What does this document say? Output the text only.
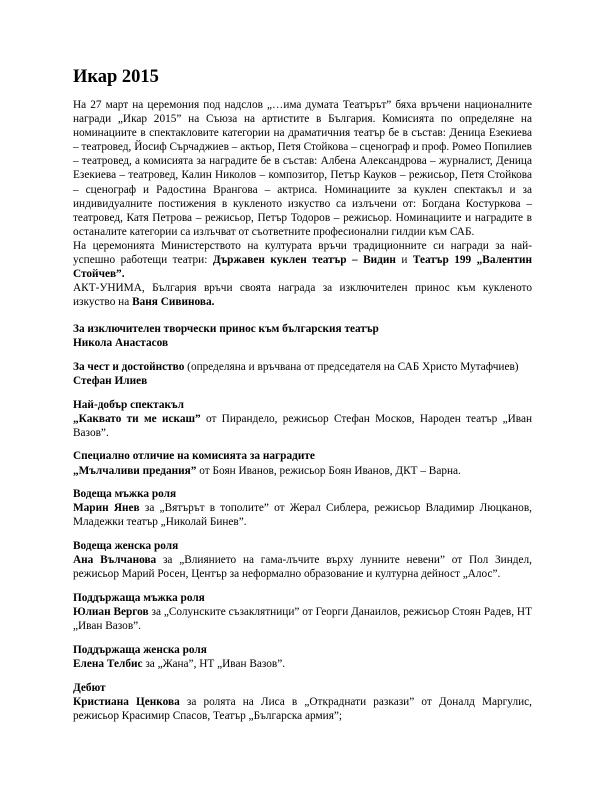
Икар 2015

На 27 март на церемония под надслов „…има думата Театърът” бяха връчени националните награди „Икар 2015” на Съюза на артистите в България. Комисията по определяне на номинациите в спектакловите категории на драматичния театър бе в състав: Деница Езекиева – театровед, Йосиф Сърчаджиев – актьор, Петя Стойкова – сценограф и проф. Ромео Попилиев – театровед, а комисията за наградите бе в състав: Албена Александрова – журналист, Деница Езекиева – театровед, Калин Николов – композитор, Петър Кауков – режисьор, Петя Стойкова – сценограф и Радостина Врангова – актриса. Номинациите за куклен спектакъл и за индивидуалните постижения в кукленото изкуство са излъчени от: Богдана Костуркова – театровед, Катя Петрова – режисьор, Петър Тодоров – режисьор. Номинациите и наградите в останалите категории са излъчват от съответните професионални гилдии към САБ.

На церемонията Министерството на културата връчи традиционните си награди за най-успешно работещи театри: Държавен куклен театър – Видин и Театър 199 „Валентин Стойчев”.

АКТ-УНИМА, България връчи своята награда за изключителен принос към кукленото изкуство на Ваня Сивинова.

За изключителен творчески принос към българския театър
Никола Анастасов
За чест и достойнство (определяна и връчвана от председателя на САБ Христо Мутафчиев)
Стефан Илиев
Най-добър спектакъл
„Каквато ти ме искаш” от Пирандело, режисьор Стефан Москов, Народен театър „Иван Вазов”.
Специално отличие на комисията за наградите
„Мълчаливи предания” от Боян Иванов, режисьор Боян Иванов, ДКТ – Варна.
Водеща мъжка роля
Марин Янев за „Вятърът в тополите” от Жерал Сиблера, режисьор Владимир Люцканов, Младежки театър „Николай Бинев”.
Водеща женска роля
Ана Вълчанова за „Влиянието на гама-лъчите върху лунните невени” от Пол Зиндел, режисьор Марий Росен, Център за неформално образование и културна дейност „Алос”.
Поддържаща мъжка роля
Юлиан Вергов за „Солунските съзаклятници” от Георги Данаилов, режисьор Стоян Радев, НТ „Иван Вазов”.
Поддържаща женска роля
Елена Телбис за „Жана”, НТ „Иван Вазов”.
Дебют
Кристиана Ценкова за ролята на Лиса в „Откраднати разкази” от Доналд Маргулис, режисьор Красимир Спасов, Театър „Българска армия”;
